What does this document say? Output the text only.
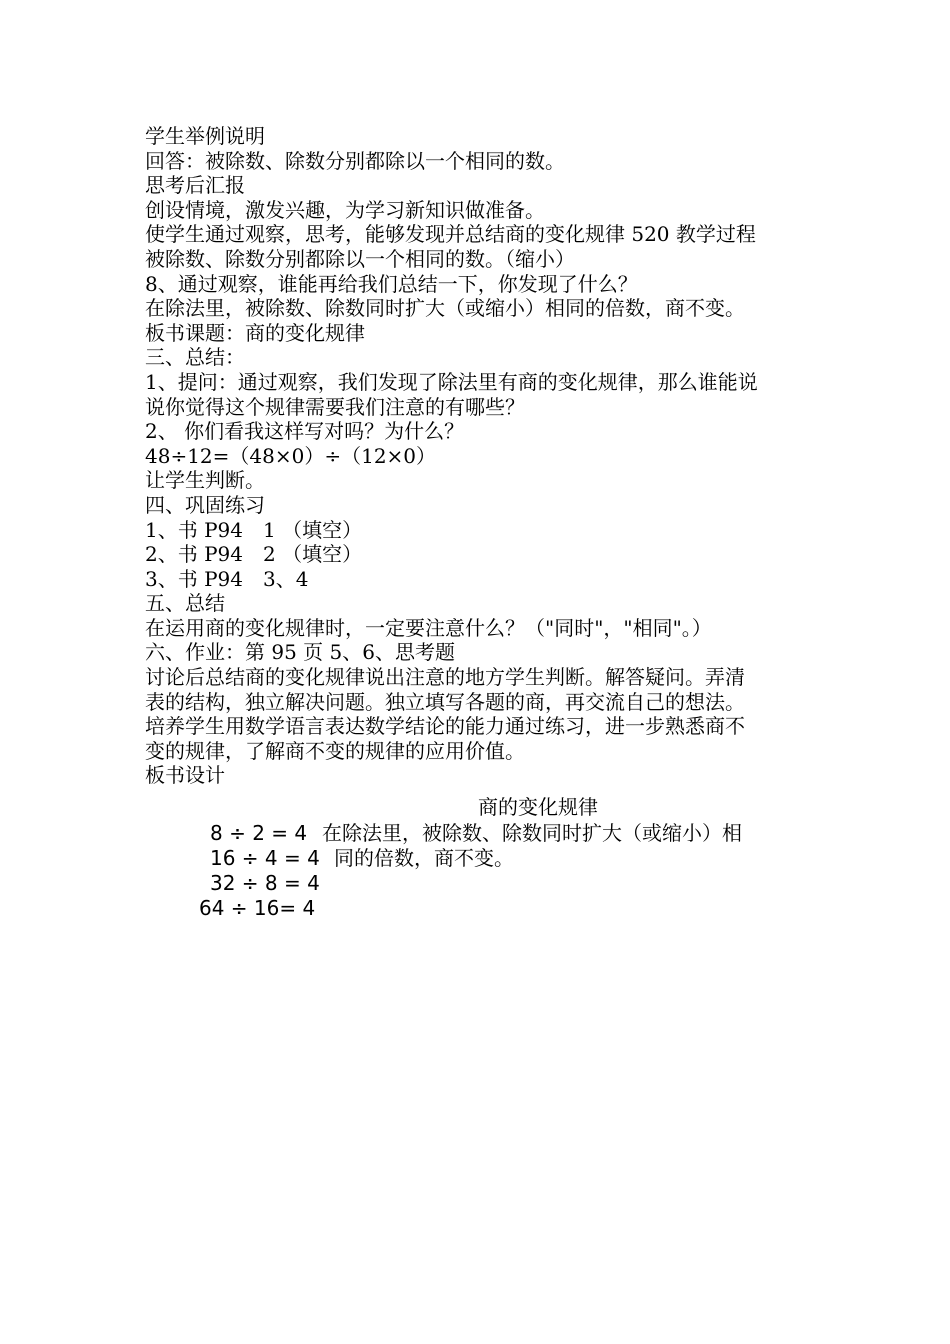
学生举例说明
回答：被除数、除数分别都除以一个相同的数。
思考后汇报
创设情境，激发兴趣，为学习新知识做准备。
使学生通过观察，思考，能够发现并总结商的变化规律 520 教学过程
被除数、除数分别都除以一个相同的数。（缩小）
8、通过观察，谁能再给我们总结一下，你发现了什么？
在除法里，被除数、除数同时扩大（或缩小）相同的倍数，商不变。
板书课题：商的变化规律
三、总结：
1、提问：通过观察，我们发现了除法里有商的变化规律，那么谁能说
说你觉得这个规律需要我们注意的有哪些？
2、 你们看我这样写对吗？为什么？
48÷12=（48×0）÷（12×0）
让学生判断。
四、巩固练习
1、书 P94　1 （填空）
2、书 P94　2 （填空）
3、书 P94　3、4
五、总结
在运用商的变化规律时，一定要注意什么？（"同时"，"相同"。）
六、作业：第 95 页 5、6、思考题
讨论后总结商的变化规律说出注意的地方学生判断。解答疑问。弄清
表的结构，独立解决问题。独立填写各题的商，再交流自己的想法。
培养学生用数学语言表达数学结论的能力通过练习，进一步熟悉商不
变的规律，了解商不变的规律的应用价值。
板书设计
商的变化规律
8 ÷ 2 = 4
16 ÷ 4 = 4
32 ÷ 8 = 4
64 ÷ 16= 4
在除法里，被除数、除数同时扩大（或缩小）相
同的倍数，商不变。
